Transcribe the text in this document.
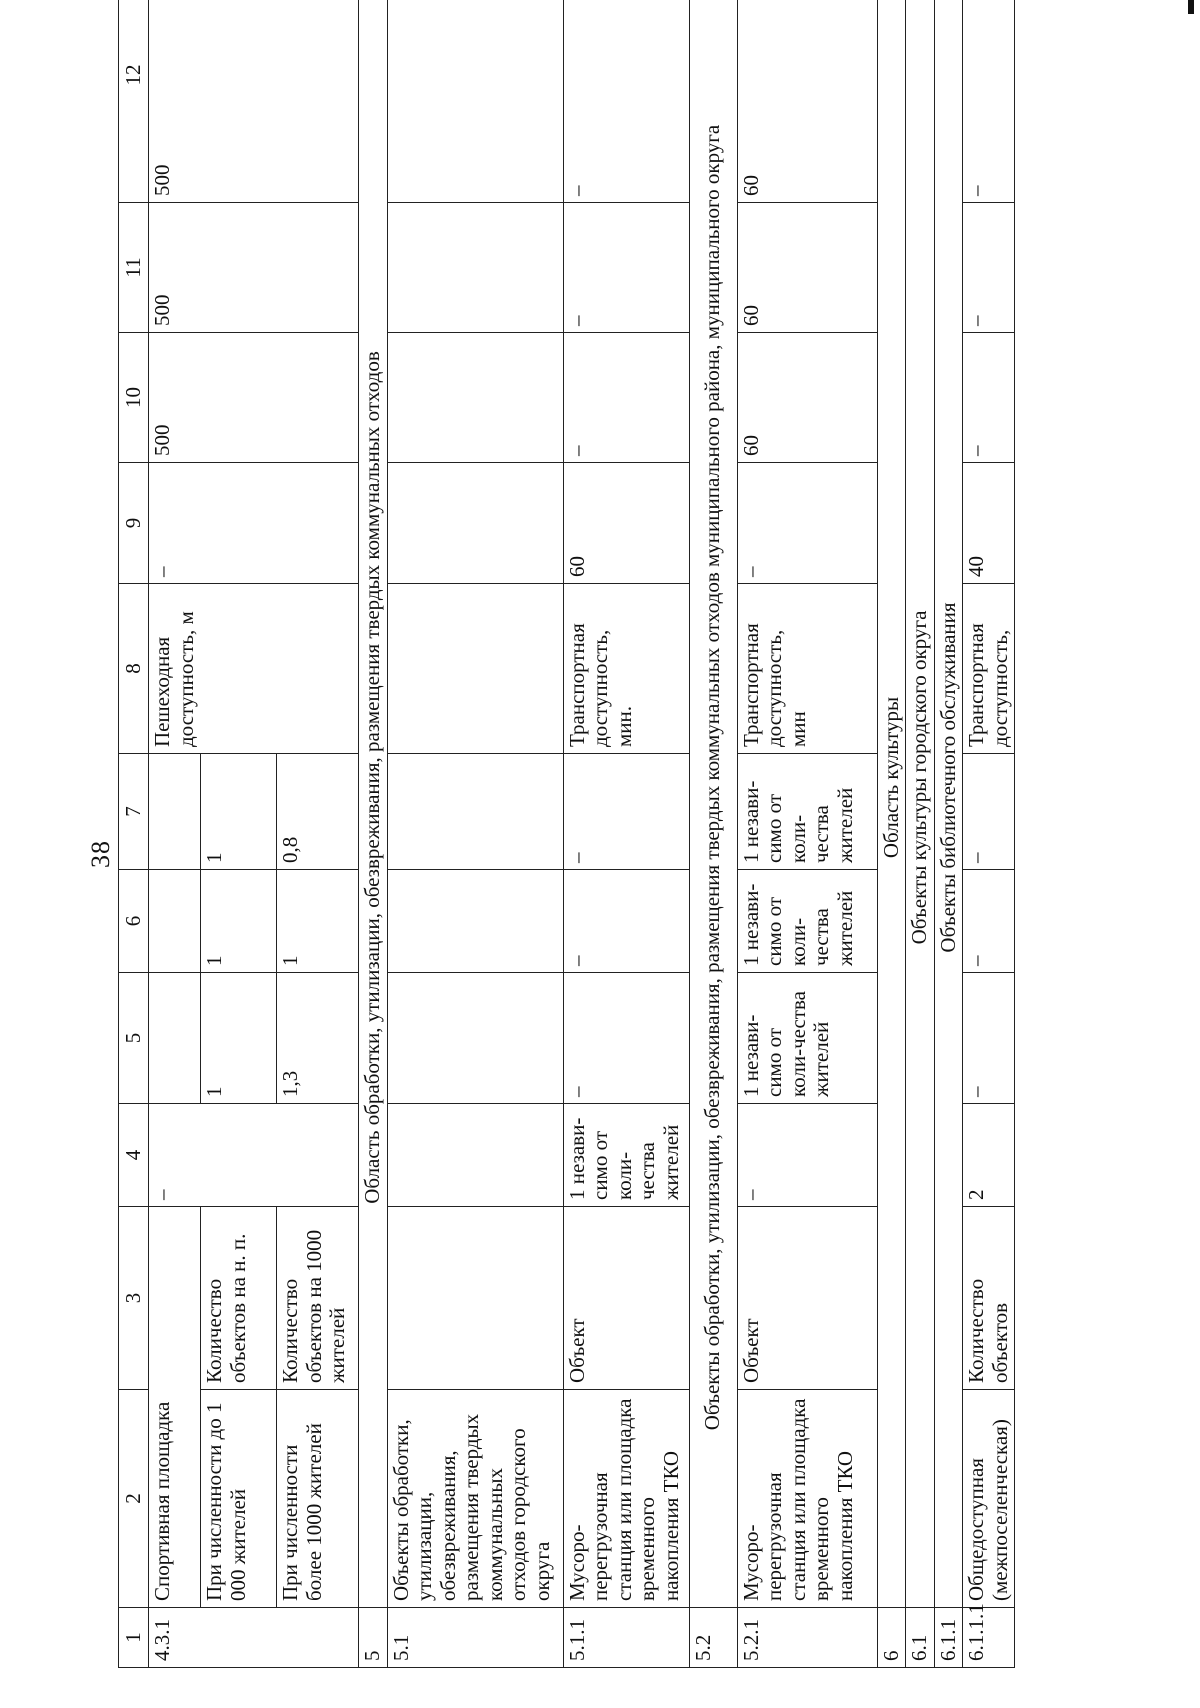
38
1	2	3	4	5	6	7	8	9	10	11	12
4.3.1	Спортивная площадка		–				Пешеходная доступность, м	–	500	500	500
	При численности до 1 000 жителей	Количество объектов на н. п.		1	1	1					
	При численности более 1000 жителей	Количество объектов на 1000 жителей		1,3	1	0,8					
5	Область обработки, утилизации, обезвреживания, размещения твердых коммунальных отходов										
5.1	Объекты обработки, утилизации, обезвреживания, размещения твердых коммунальных отходов городского округа										
5.1.1	Мусоро-перегрузочная станция или площадка временного накопления ТКО	Объект	1 незави-симо от коли-чества жителей	–	–	–	Транспортная доступность, мин.	60	–	–	–
5.2	Объекты обработки, утилизации, обезвреживания, размещения твердых коммунальных отходов муниципального района, муниципального округа										
5.2.1	Мусоро-перегрузочная станция или площадка временного накопления ТКО	Объект	–	1 незави-симо от коли-чества жителей	1 незави-симо от коли-чества жителей	1 незави-симо от коли-чества жителей	Транспортная доступность, мин	–	60	60	60
6	Область культуры										
6.1	Объекты культуры городского округа										
6.1.1	Объекты библиотечного обслуживания										
6.1.1.1	Общедоступная (межпоселенческая)	Количество объектов	2	–	–	–	Транспортная доступность,	40	–	–	–
